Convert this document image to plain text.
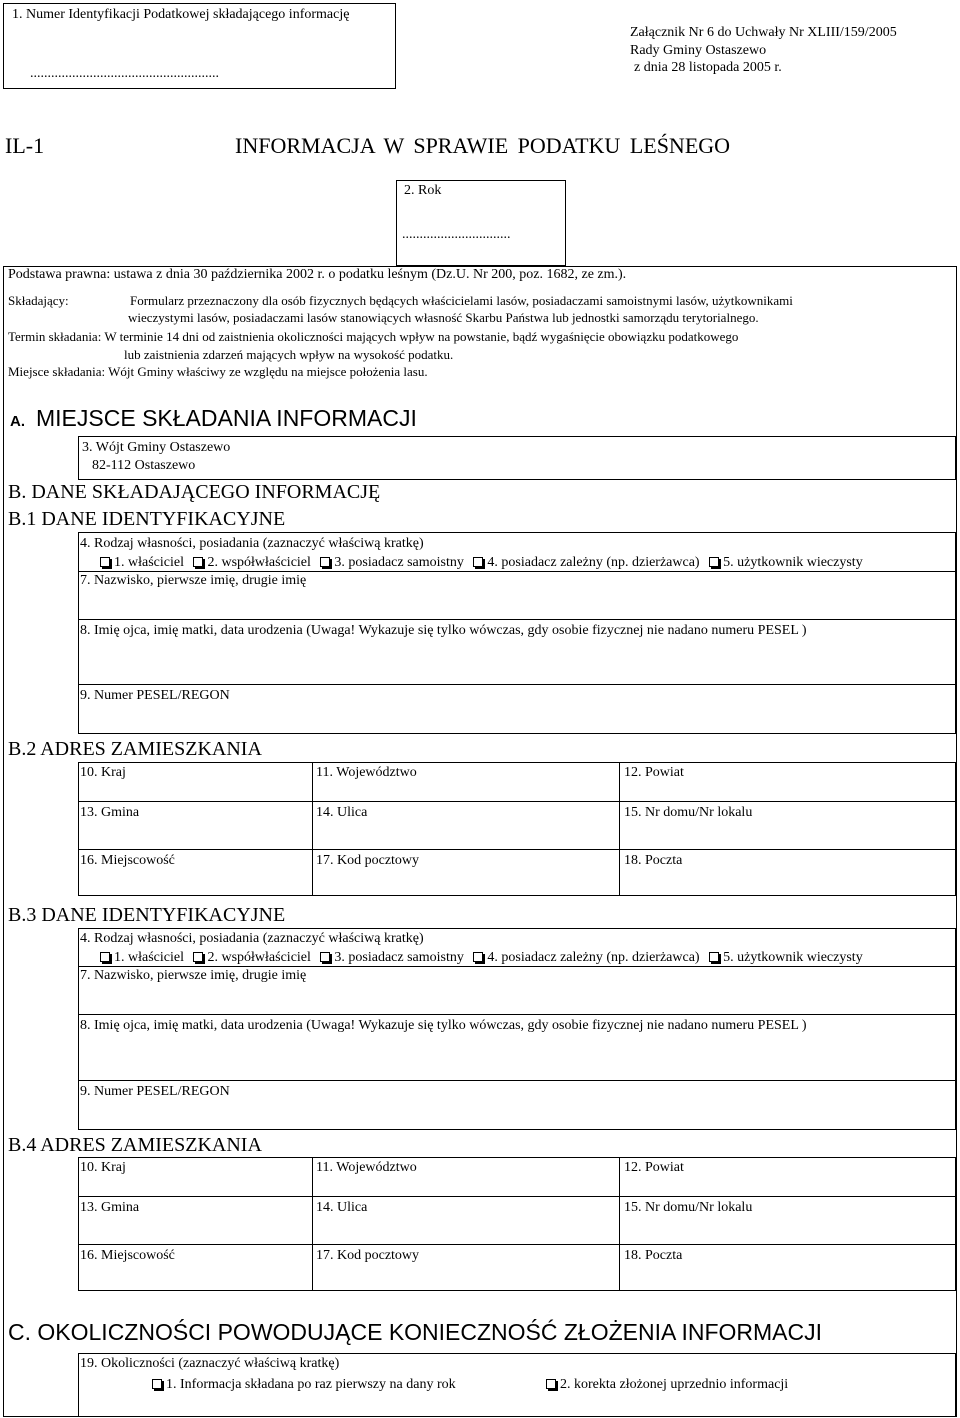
1. Numer Identyfikacji Podatkowej składającego informację
......................................................
Załącznik Nr 6 do Uchwały Nr XLIII/159/2005
Rady Gminy Ostaszewo
z dnia 28 listopada 2005 r.
IL-1	INFORMACJA W SPRAWIE PODATKU LEŚNEGO
2. Rok
...............................
Podstawa prawna: ustawa z dnia 30 października 2002 r. o podatku leśnym (Dz.U. Nr 200, poz. 1682, ze zm.).
Składający:	Formularz przeznaczony dla osób fizycznych będących właścicielami lasów, posiadaczami samoistnymi lasów, użytkownikami
wieczystymi lasów, posiadaczami lasów stanowiących własność Skarbu Państwa lub jednostki samorządu terytorialnego.
Termin składania: W terminie 14 dni od zaistnienia okoliczności mających wpływ na powstanie, bądź wygaśnięcie obowiązku podatkowego
lub zaistnienia zdarzeń mających wpływ na wysokość podatku.
Miejsce składania: Wójt Gminy właściwy ze względu na miejsce położenia lasu.
A. MIEJSCE SKŁADANIA INFORMACJI
3. Wójt Gminy Ostaszewo
82-112 Ostaszewo
B. DANE SKŁADAJĄCEGO INFORMACJĘ
B.1 DANE IDENTYFIKACYJNE
4. Rodzaj własności, posiadania (zaznaczyć właściwą kratkę)
1. właściciel 2. współwłaściciel 3. posiadacz samoistny 4. posiadacz zależny (np. dzierżawca) 5. użytkownik wieczysty
7. Nazwisko, pierwsze imię, drugie imię
8. Imię ojca, imię matki, data urodzenia (Uwaga! Wykazuje się tylko wówczas, gdy osobie fizycznej nie nadano numeru PESEL )
9. Numer PESEL/REGON
B.2 ADRES ZAMIESZKANIA
10. Kraj	11. Województwo	12. Powiat
13. Gmina	14. Ulica	15. Nr domu/Nr lokalu
16. Miejscowość	17. Kod pocztowy	18. Poczta
B.3 DANE IDENTYFIKACYJNE
4. Rodzaj własności, posiadania (zaznaczyć właściwą kratkę)
1. właściciel 2. współwłaściciel 3. posiadacz samoistny 4. posiadacz zależny (np. dzierżawca) 5. użytkownik wieczysty
7. Nazwisko, pierwsze imię, drugie imię
8. Imię ojca, imię matki, data urodzenia (Uwaga! Wykazuje się tylko wówczas, gdy osobie fizycznej nie nadano numeru PESEL )
9. Numer PESEL/REGON
B.4 ADRES ZAMIESZKANIA
10. Kraj	11. Województwo	12. Powiat
13. Gmina	14. Ulica	15. Nr domu/Nr lokalu
16. Miejscowość	17. Kod pocztowy	18. Poczta
C. OKOLICZNOŚCI POWODUJĄCE KONIECZNOŚĆ ZŁOŻENIA INFORMACJI
19. Okoliczności (zaznaczyć właściwą kratkę)
1. Informacja składana po raz pierwszy na dany rok	2. korekta złożonej uprzednio informacji
